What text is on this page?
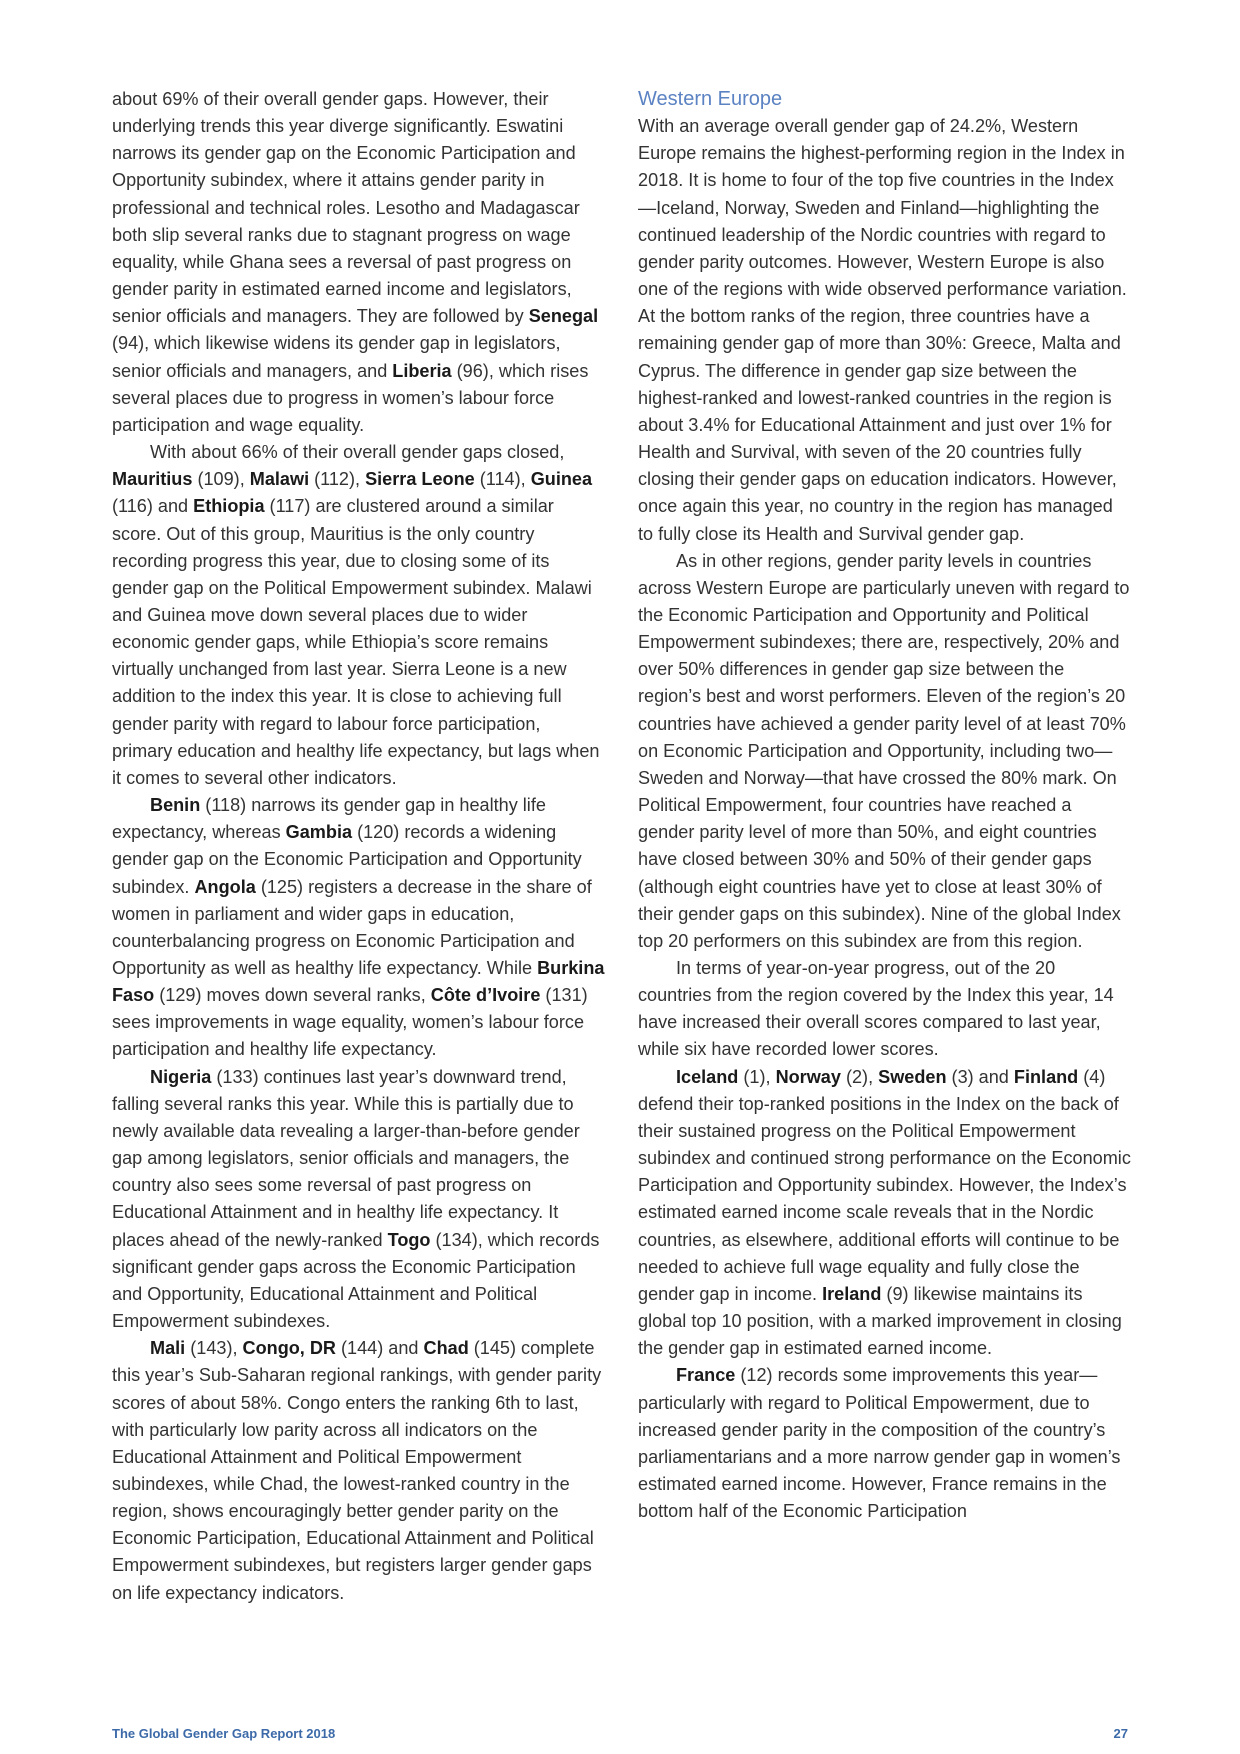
about 69% of their overall gender gaps. However, their underlying trends this year diverge significantly. Eswatini narrows its gender gap on the Economic Participation and Opportunity subindex, where it attains gender parity in professional and technical roles. Lesotho and Madagascar both slip several ranks due to stagnant progress on wage equality, while Ghana sees a reversal of past progress on gender parity in estimated earned income and legislators, senior officials and managers. They are followed by Senegal (94), which likewise widens its gender gap in legislators, senior officials and managers, and Liberia (96), which rises several places due to progress in women’s labour force participation and wage equality.

With about 66% of their overall gender gaps closed, Mauritius (109), Malawi (112), Sierra Leone (114), Guinea (116) and Ethiopia (117) are clustered around a similar score. Out of this group, Mauritius is the only country recording progress this year, due to closing some of its gender gap on the Political Empowerment subindex. Malawi and Guinea move down several places due to wider economic gender gaps, while Ethiopia’s score remains virtually unchanged from last year. Sierra Leone is a new addition to the index this year. It is close to achieving full gender parity with regard to labour force participation, primary education and healthy life expectancy, but lags when it comes to several other indicators.

Benin (118) narrows its gender gap in healthy life expectancy, whereas Gambia (120) records a widening gender gap on the Economic Participation and Opportunity subindex. Angola (125) registers a decrease in the share of women in parliament and wider gaps in education, counterbalancing progress on Economic Participation and Opportunity as well as healthy life expectancy. While Burkina Faso (129) moves down several ranks, Côte d’Ivoire (131) sees improvements in wage equality, women’s labour force participation and healthy life expectancy.

Nigeria (133) continues last year’s downward trend, falling several ranks this year. While this is partially due to newly available data revealing a larger-than-before gender gap among legislators, senior officials and managers, the country also sees some reversal of past progress on Educational Attainment and in healthy life expectancy. It places ahead of the newly-ranked Togo (134), which records significant gender gaps across the Economic Participation and Opportunity, Educational Attainment and Political Empowerment subindexes.

Mali (143), Congo, DR (144) and Chad (145) complete this year’s Sub-Saharan regional rankings, with gender parity scores of about 58%. Congo enters the ranking 6th to last, with particularly low parity across all indicators on the Educational Attainment and Political Empowerment subindexes, while Chad, the lowest-ranked country in the region, shows encouragingly better gender parity on the Economic Participation, Educational Attainment and Political Empowerment subindexes, but registers larger gender gaps on life expectancy indicators.

Western Europe

With an average overall gender gap of 24.2%, Western Europe remains the highest-performing region in the Index in 2018. It is home to four of the top five countries in the Index—Iceland, Norway, Sweden and Finland—highlighting the continued leadership of the Nordic countries with regard to gender parity outcomes. However, Western Europe is also one of the regions with wide observed performance variation. At the bottom ranks of the region, three countries have a remaining gender gap of more than 30%: Greece, Malta and Cyprus. The difference in gender gap size between the highest-ranked and lowest-ranked countries in the region is about 3.4% for Educational Attainment and just over 1% for Health and Survival, with seven of the 20 countries fully closing their gender gaps on education indicators. However, once again this year, no country in the region has managed to fully close its Health and Survival gender gap.

As in other regions, gender parity levels in countries across Western Europe are particularly uneven with regard to the Economic Participation and Opportunity and Political Empowerment subindexes; there are, respectively, 20% and over 50% differences in gender gap size between the region’s best and worst performers. Eleven of the region’s 20 countries have achieved a gender parity level of at least 70% on Economic Participation and Opportunity, including two—Sweden and Norway—that have crossed the 80% mark. On Political Empowerment, four countries have reached a gender parity level of more than 50%, and eight countries have closed between 30% and 50% of their gender gaps (although eight countries have yet to close at least 30% of their gender gaps on this subindex). Nine of the global Index top 20 performers on this subindex are from this region.

In terms of year-on-year progress, out of the 20 countries from the region covered by the Index this year, 14 have increased their overall scores compared to last year, while six have recorded lower scores.

Iceland (1), Norway (2), Sweden (3) and Finland (4) defend their top-ranked positions in the Index on the back of their sustained progress on the Political Empowerment subindex and continued strong performance on the Economic Participation and Opportunity subindex. However, the Index’s estimated earned income scale reveals that in the Nordic countries, as elsewhere, additional efforts will continue to be needed to achieve full wage equality and fully close the gender gap in income. Ireland (9) likewise maintains its global top 10 position, with a marked improvement in closing the gender gap in estimated earned income.

France (12) records some improvements this year—particularly with regard to Political Empowerment, due to increased gender parity in the composition of the country’s parliamentarians and a more narrow gender gap in women’s estimated earned income. However, France remains in the bottom half of the Economic Participation

The Global Gender Gap Report 2018	27
